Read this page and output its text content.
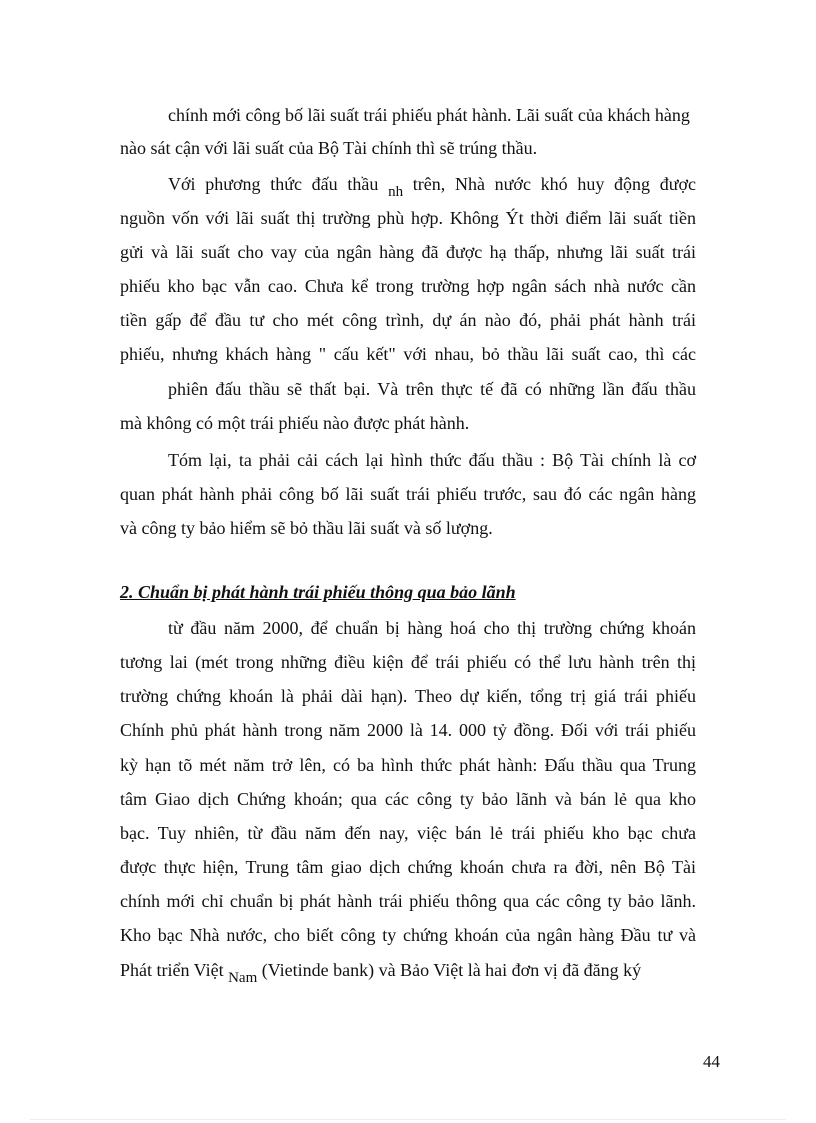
chính mới công bố lãi suất trái phiếu phát hành. Lãi suất của khách hàng
nào sát cận với lãi suất của Bộ Tài chính thì sẽ trúng thầu.
Với phương thức đấu thầu $_{nh}$ trên, Nhà nước khó huy động được
nguồn vốn với lãi suất thị trường phù hợp. Không Ýt thời điểm lãi suất tiền
gửi và lãi suất cho vay của ngân hàng đã được hạ thấp, nhưng lãi suất trái
phiếu kho bạc vẫn cao. Chưa kể trong trường hợp ngân sách nhà nước cần
tiền gấp để đầu tư cho mét công trình, dự án nào đó, phải phát hành trái
phiếu, nhưng khách hàng " cấu kết" với nhau, bỏ thầu lãi suất cao, thì các
phiên đấu thầu sẽ thất bại. Và trên thực tế đã có những lần đấu thầu
mà không có một trái phiếu nào được phát hành.
Tóm lại, ta phải cải cách lại hình thức đấu thầu : Bộ Tài chính là cơ
quan phát hành phải công bố lãi suất trái phiếu trước, sau đó các ngân hàng
và công ty bảo hiểm sẽ bỏ thầu lãi suất và số lượng.
2. Chuẩn bị phát hành trái phiếu thông qua bảo lãnh
từ đầu năm 2000, để chuẩn bị hàng hoá cho thị trường chứng khoán
tương lai (mét trong những điều kiện để trái phiếu có thể lưu hành trên thị
trường chứng khoán là phải dài hạn). Theo dự kiến, tổng trị giá trái phiếu
Chính phủ phát hành trong năm 2000 là 14. 000 tỷ đồng. Đối với trái phiếu
kỳ hạn tõ mét năm trở lên, có ba hình thức phát hành: Đấu thầu qua Trung
tâm Giao dịch Chứng khoán; qua các công ty bảo lãnh và bán lẻ qua kho
bạc. Tuy nhiên, từ đầu năm đến nay, việc bán lẻ trái phiếu kho bạc chưa
được thực hiện, Trung tâm giao dịch chứng khoán chưa ra đời, nên Bộ Tài
chính mới chỉ chuẩn bị phát hành trái phiếu thông qua các công ty bảo lãnh.
Kho bạc Nhà nước, cho biết công ty chứng khoán của ngân hàng Đầu tư và
Phát triển Việt $_{Nam}$ (Vietinde bank) và Bảo Việt là hai đơn vị đã đăng ký
44
